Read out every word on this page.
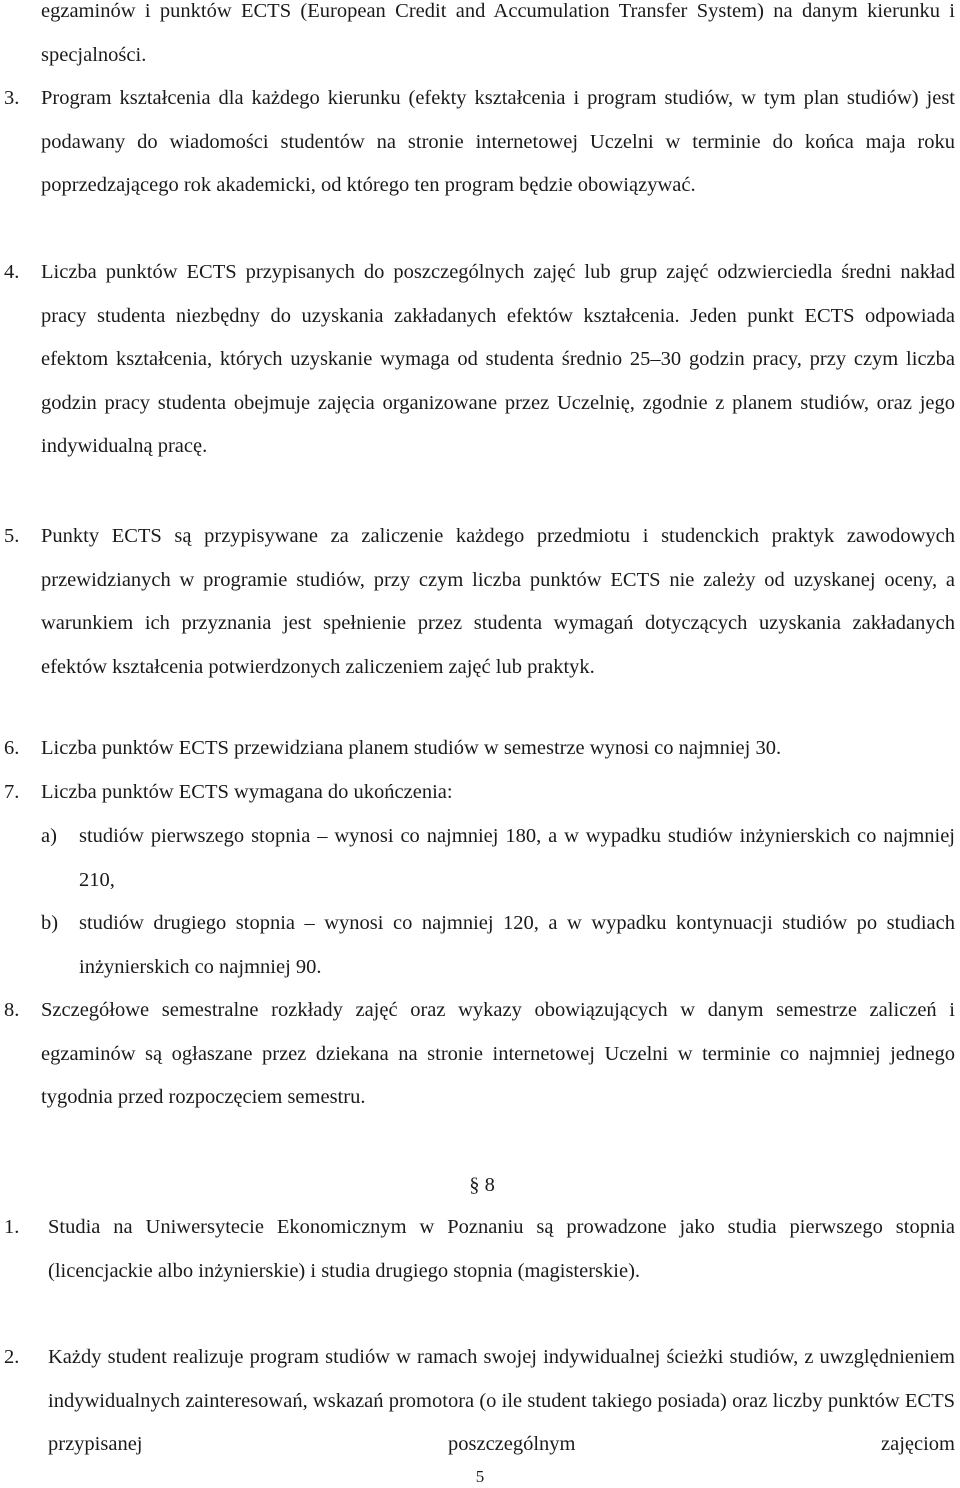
egzaminów i punktów ECTS (European Credit and Accumulation Transfer System) na danym kierunku i specjalności.
3. Program kształcenia dla każdego kierunku (efekty kształcenia i program studiów, w tym plan studiów) jest podawany do wiadomości studentów na stronie internetowej Uczelni w terminie do końca maja roku poprzedzającego rok akademicki, od którego ten program będzie obowiązywać.
4. Liczba punktów ECTS przypisanych do poszczególnych zajęć lub grup zajęć odzwierciedla średni nakład pracy studenta niezbędny do uzyskania zakładanych efektów kształcenia. Jeden punkt ECTS odpowiada efektom kształcenia, których uzyskanie wymaga od studenta średnio 25–30 godzin pracy, przy czym liczba godzin pracy studenta obejmuje zajęcia organizowane przez Uczelnię, zgodnie z planem studiów, oraz jego indywidualną pracę.
5. Punkty ECTS są przypisywane za zaliczenie każdego przedmiotu i studenckich praktyk zawodowych przewidzianych w programie studiów, przy czym liczba punktów ECTS nie zależy od uzyskanej oceny, a warunkiem ich przyznania jest spełnienie przez studenta wymagań dotyczących uzyskania zakładanych efektów kształcenia potwierdzonych zaliczeniem zajęć lub praktyk.
6. Liczba punktów ECTS przewidziana planem studiów w semestrze wynosi co najmniej 30.
7. Liczba punktów ECTS wymagana do ukończenia:
a) studiów pierwszego stopnia – wynosi co najmniej 180, a w wypadku studiów inżynierskich co najmniej 210,
b) studiów drugiego stopnia – wynosi co najmniej 120, a w wypadku kontynuacji studiów po studiach inżynierskich co najmniej 90.
8. Szczegółowe semestralne rozkłady zajęć oraz wykazy obowiązujących w danym semestrze zaliczeń i egzaminów są ogłaszane przez dziekana na stronie internetowej Uczelni w terminie co najmniej jednego tygodnia przed rozpoczęciem semestru.
§ 8
1. Studia na Uniwersytecie Ekonomicznym w Poznaniu są prowadzone jako studia pierwszego stopnia (licencjackie albo inżynierskie) i studia drugiego stopnia (magisterskie).
2. Każdy student realizuje program studiów w ramach swojej indywidualnej ścieżki studiów, z uwzględnieniem indywidualnych zainteresowań, wskazań promotora (o ile student takiego posiada) oraz liczby punktów ECTS przypisanej poszczególnym zajęciom
5
